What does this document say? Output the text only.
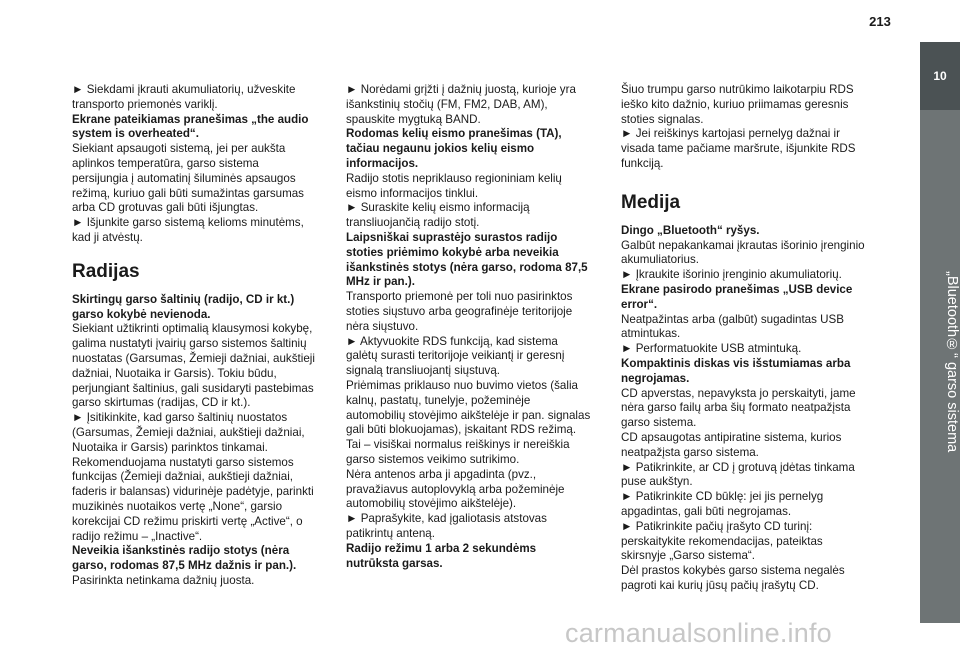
213
10
„Bluetooth®“ garso sistema

► Siekdami įkrauti akumuliatorių, užveskite transporto priemonės variklį.

Ekrane pateikiamas pranešimas „the audio system is overheated“.

Siekiant apsaugoti sistemą, jei per aukšta aplinkos temperatūra, garso sistema persijungia į automatinį šiluminės apsaugos režimą, kuriuo gali būti sumažintas garsumas arba CD grotuvas gali būti išjungtas.

► Išjunkite garso sistemą kelioms minutėms, kad ji atvėstų.

Radijas

Skirtingų garso šaltinių (radijo, CD ir kt.) garso kokybė nevienoda.

Siekiant užtikrinti optimalią klausymosi kokybę, galima nustatyti įvairių garso sistemos šaltinių nuostatas (Garsumas, Žemieji dažniai, aukštieji dažniai, Nuotaika ir Garsis). Tokiu būdu, perjungiant šaltinius, gali susidaryti pastebimas garso skirtumas (radijas, CD ir kt.).

► Įsitikinkite, kad garso šaltinių nuostatos (Garsumas, Žemieji dažniai, aukštieji dažniai, Nuotaika ir Garsis) parinktos tinkamai. Rekomenduojama nustatyti garso sistemos funkcijas (Žemieji dažniai, aukštieji dažniai, faderis ir balansas) vidurinėje padėtyje, parinkti muzikinės nuotaikos vertę „None“, garsio korekcijai CD režimu priskirti vertę „Active“, o radijo režimu – „Inactive“.

Neveikia išankstinės radijo stotys (nėra garso, rodomas 87,5 MHz dažnis ir pan.).

Pasirinkta netinkama dažnių juosta.

► Norėdami grįžti į dažnių juostą, kurioje yra išankstinių stočių (FM, FM2, DAB, AM), spauskite mygtuką BAND.

Rodomas kelių eismo pranešimas (TA), tačiau negaunu jokios kelių eismo informacijos.

Radijo stotis nepriklauso regioniniam kelių eismo informacijos tinklui.

► Suraskite kelių eismo informaciją transliuojančią radijo stotį.

Laipsniškai suprastėjo surastos radijo stoties priėmimo kokybė arba neveikia išankstinės stotys (nėra garso, rodoma 87,5 MHz ir pan.).

Transporto priemonė per toli nuo pasirinktos stoties siųstuvo arba geografinėje teritorijoje nėra siųstuvo.

► Aktyvuokite RDS funkciją, kad sistema galėtų surasti teritorijoje veikiantį ir geresnį signalą transliuojantį siųstuvą.

Priėmimas priklauso nuo buvimo vietos (šalia kalnų, pastatų, tunelyje, požeminėje automobilių stovėjimo aikštelėje ir pan. signalas gali būti blokuojamas), įskaitant RDS režimą.

Tai – visiškai normalus reiškinys ir nereiškia garso sistemos veikimo sutrikimo.

Nėra antenos arba ji apgadinta (pvz., pravažiavus autoplovyklą arba požeminėje automobilių stovėjimo aikštelėje).

► Paprašykite, kad įgaliotasis atstovas patikrintų anteną.

Radijo režimu 1 arba 2 sekundėms nutrūksta garsas.

Šiuo trumpu garso nutrūkimo laikotarpiu RDS ieško kito dažnio, kuriuo priimamas geresnis stoties signalas.

► Jei reiškinys kartojasi pernelyg dažnai ir visada tame pačiame maršrute, išjunkite RDS funkciją.

Medija

Dingo „Bluetooth“ ryšys.

Galbūt nepakankamai įkrautas išorinio įrenginio akumuliatorius.

► Įkraukite išorinio įrenginio akumuliatorių.

Ekrane pasirodo pranešimas „USB device error“.

Neatpažintas arba (galbūt) sugadintas USB atmintukas.

► Performatuokite USB atmintuką.

Kompaktinis diskas vis išstumiamas arba negrojamas.

CD apverstas, nepavyksta jo perskaityti, jame nėra garso failų arba šių formato neatpažįsta garso sistema.

CD apsaugotas antipiratine sistema, kurios neatpažįsta garso sistema.

► Patikrinkite, ar CD į grotuvą įdėtas tinkama puse aukštyn.

► Patikrinkite CD būklę: jei jis pernelyg apgadintas, gali būti negrojamas.

► Patikrinkite pačių įrašyto CD turinį: perskaitykite rekomendacijas, pateiktas skirsnyje „Garso sistema“.

Dėl prastos kokybės garso sistema negalės pagroti kai kurių jūsų pačių įrašytų CD.

carmanualsonline.info
